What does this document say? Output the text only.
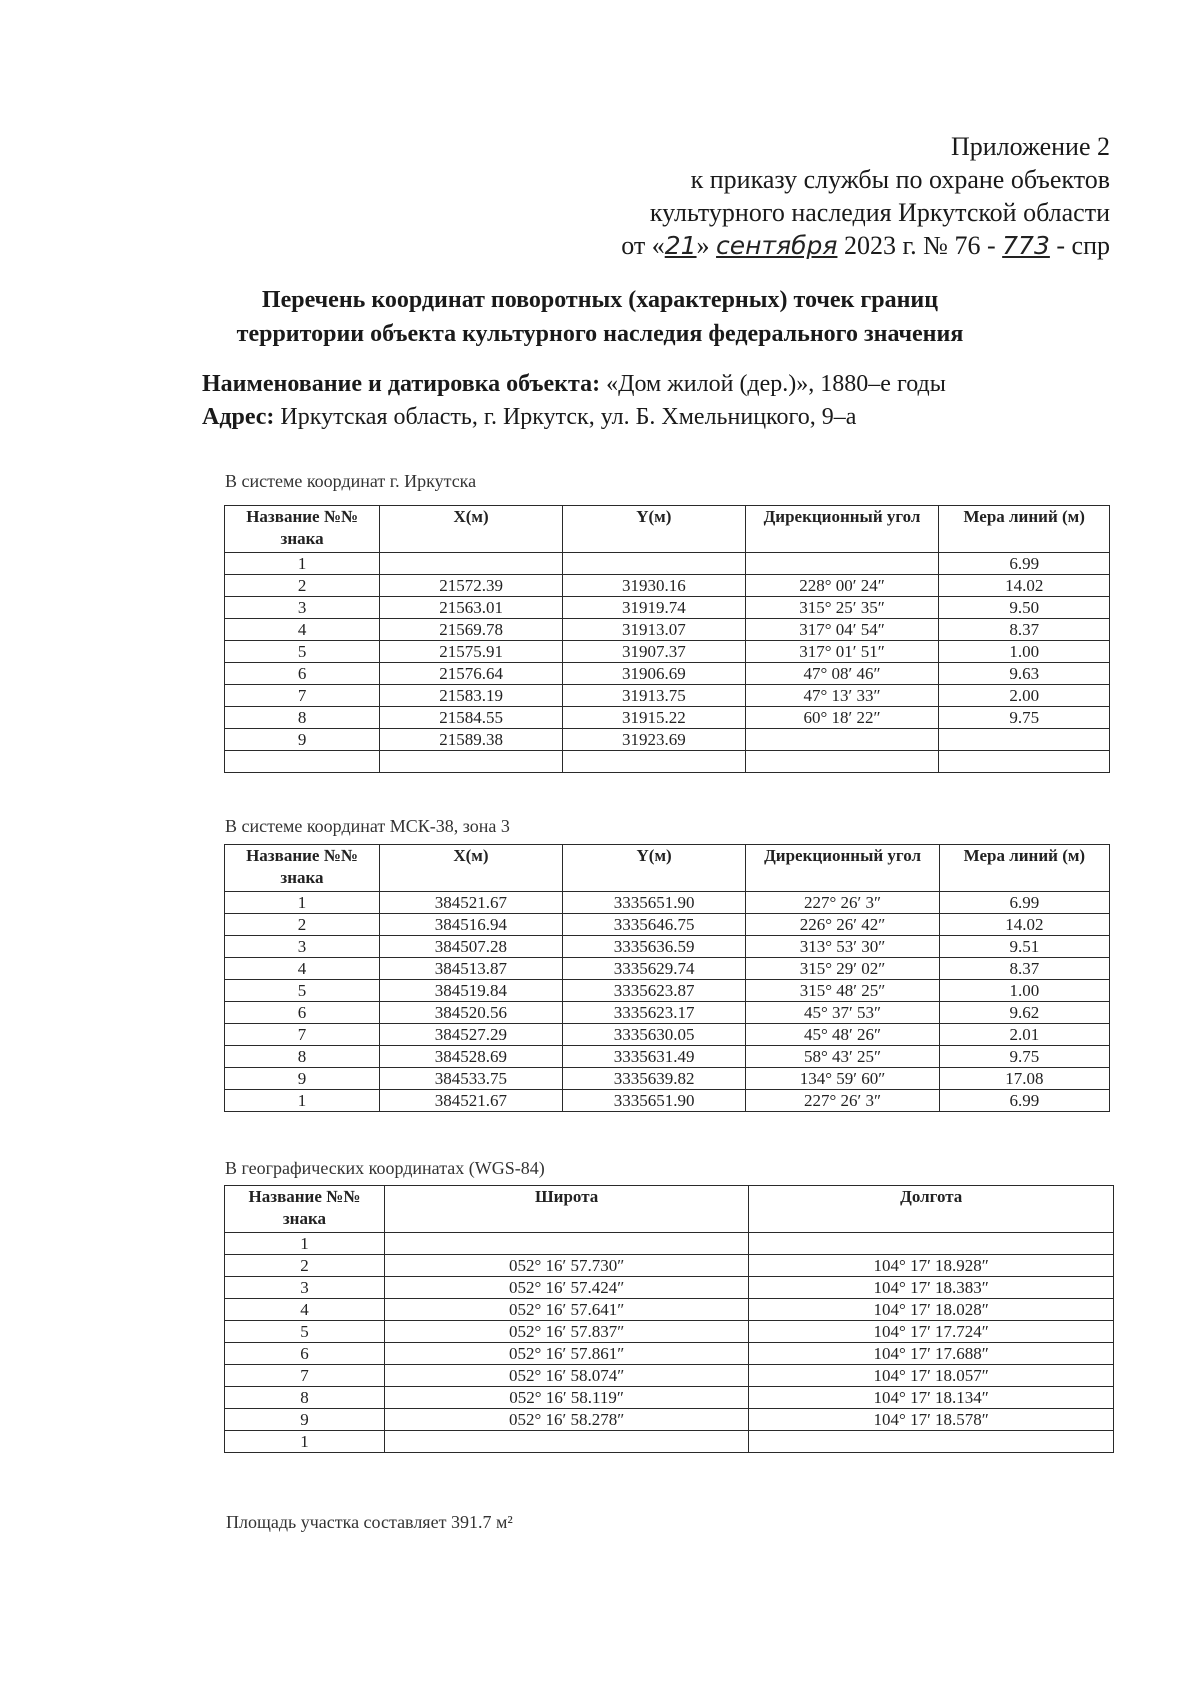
Приложение 2
к приказу службы по охране объектов
культурного наследия Иркутской области
от «21» сентября 2023 г. № 76 - 773 - спр
Перечень координат поворотных (характерных) точек границ
территории объекта культурного наследия федерального значения
Наименование и датировка объекта: «Дом жилой (дер.)», 1880–е годы
Адрес: Иркутская область, г. Иркутск, ул. Б. Хмельницкого, 9–а
В системе координат г. Иркутска
Название №№ знака	X(м)	Y(м)	Дирекционный угол	Мера линий (м)
1				6.99
2	21572.39	31930.16	228° 00′ 24″	14.02
3	21563.01	31919.74	315° 25′ 35″	9.50
4	21569.78	31913.07	317° 04′ 54″	8.37
5	21575.91	31907.37	317° 01′ 51″	1.00
6	21576.64	31906.69	47° 08′ 46″	9.63
7	21583.19	31913.75	47° 13′ 33″	2.00
8	21584.55	31915.22	60° 18′ 22″	9.75
9	21589.38	31923.69		

В системе координат МСК-38, зона 3
Название №№ знака	X(м)	Y(м)	Дирекционный угол	Мера линий (м)
1	384521.67	3335651.90	227° 26′ 3″	6.99
2	384516.94	3335646.75	226° 26′ 42″	14.02
3	384507.28	3335636.59	313° 53′ 30″	9.51
4	384513.87	3335629.74	315° 29′ 02″	8.37
5	384519.84	3335623.87	315° 48′ 25″	1.00
6	384520.56	3335623.17	45° 37′ 53″	9.62
7	384527.29	3335630.05	45° 48′ 26″	2.01
8	384528.69	3335631.49	58° 43′ 25″	9.75
9	384533.75	3335639.82	134° 59′ 60″	17.08
1	384521.67	3335651.90	227° 26′ 3″	6.99
В географических координатах (WGS-84)
Название №№ знака	Широта	Долгота
1		
2	052° 16′ 57.730″	104° 17′ 18.928″
3	052° 16′ 57.424″	104° 17′ 18.383″
4	052° 16′ 57.641″	104° 17′ 18.028″
5	052° 16′ 57.837″	104° 17′ 17.724″
6	052° 16′ 57.861″	104° 17′ 17.688″
7	052° 16′ 58.074″	104° 17′ 18.057″
8	052° 16′ 58.119″	104° 17′ 18.134″
9	052° 16′ 58.278″	104° 17′ 18.578″
1		
Площадь участка составляет 391.7 м²
